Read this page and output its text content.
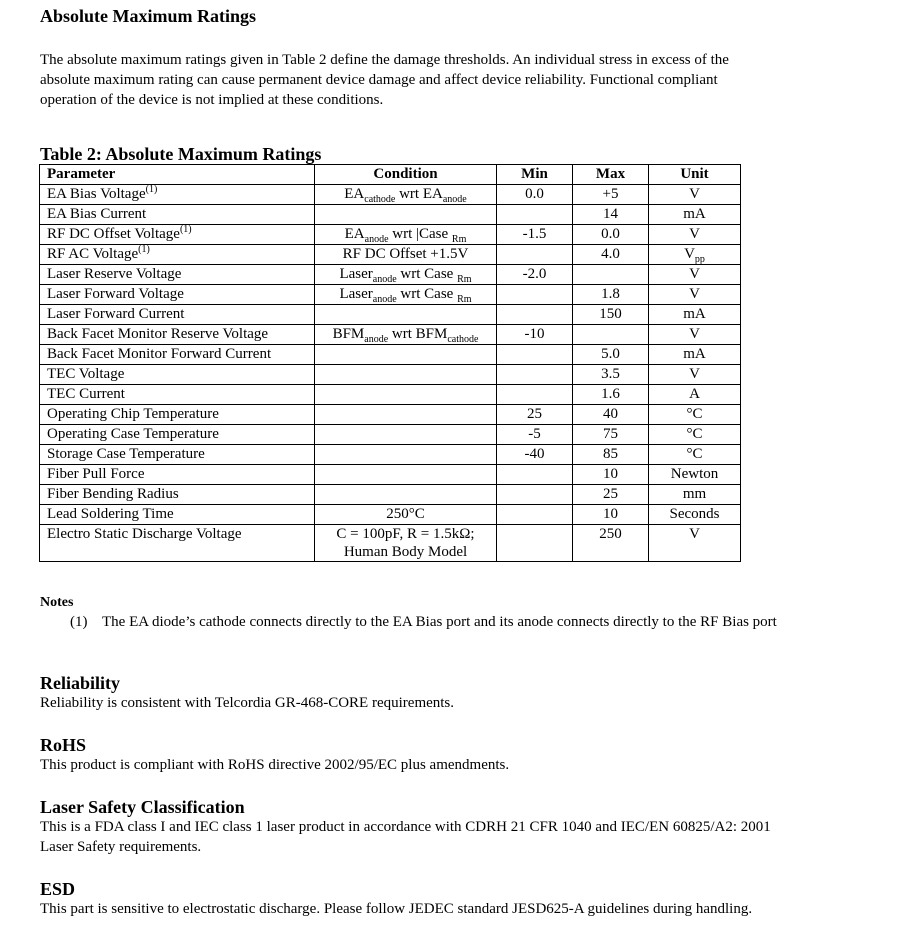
Absolute Maximum Ratings

The absolute maximum ratings given in Table 2 define the damage thresholds. An individual stress in excess of the

absolute maximum rating can cause permanent device damage and affect device reliability. Functional compliant

operation of the device is not implied at these conditions.

Table 2: Absolute Maximum Ratings

Parameter	Condition	Min	Max	Unit
EA Bias Voltage$^{(1)}$	$EA_{cathode}$ wrt $EA_{anode}$	0.0	+5	V
EA Bias Current			14	mA
RF DC Offset Voltage$^{(1)}$	$EA_{anode}$ wrt |Case $_{Rm}$	-1.5	0.0	V
RF AC Voltage$^{(1)}$	RF DC Offset +1.5V		4.0	$V_{pp}$
Laser Reserve Voltage	Laser$_{anode}$ wrt Case $_{Rm}$	-2.0		V
Laser Forward Voltage	Laser$_{anode}$ wrt Case $_{Rm}$		1.8	V
Laser Forward Current			150	mA
Back Facet Monitor Reserve Voltage	$BFM_{anode}$ wrt $BFM_{cathode}$	-10		V
Back Facet Monitor Forward Current			5.0	mA
TEC Voltage			3.5	V
TEC Current			1.6	A
Operating Chip Temperature		25	40	°C
Operating Case Temperature		-5	75	°C
Storage Case Temperature		-40	85	°C
Fiber Pull Force			10	Newton
Fiber Bending Radius			25	mm
Lead Soldering Time	250°C		10	Seconds
Electro Static Discharge Voltage	C = 100pF, R = 1.5kΩ;
Human Body Model		250	V

Notes

(1) The EA diode’s cathode connects directly to the EA Bias port and its anode connects directly to the RF Bias port

Reliability

Reliability is consistent with Telcordia GR-468-CORE requirements.

RoHS

This product is compliant with RoHS directive 2002/95/EC plus amendments.

Laser Safety Classification

This is a FDA class I and IEC class 1 laser product in accordance with CDRH 21 CFR 1040 and IEC/EN 60825/A2: 2001

Laser Safety requirements.

ESD

This part is sensitive to electrostatic discharge. Please follow JEDEC standard JESD625-A guidelines during handling.
